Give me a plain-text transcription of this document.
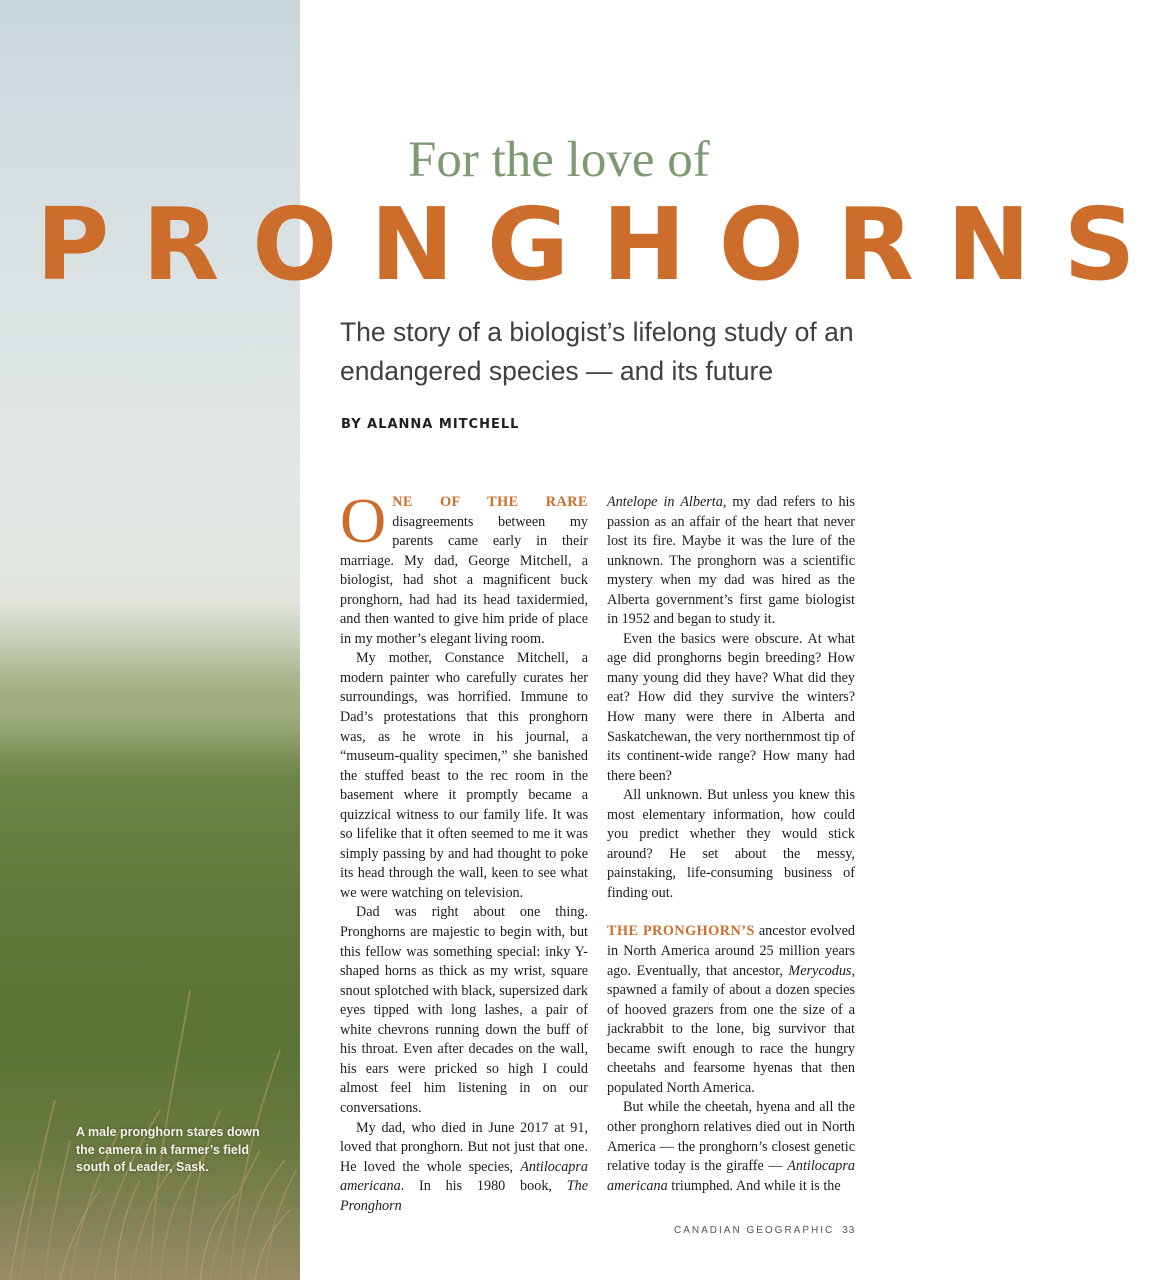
A male pronghorn stares down the camera in a farmer’s field south of Leader, Sask.
For the love of
PRONGHORNS
The story of a biologist’s lifelong study of an endangered species — and its future
BY ALANNA MITCHELL

ONE OF THE RARE disagreements between my parents came early in their marriage. My dad, George Mitchell, a biologist, had shot a magnificent buck pronghorn, had had its head taxidermied, and then wanted to give him pride of place in my mother’s elegant living room.

My mother, Constance Mitchell, a modern painter who carefully curates her surroundings, was horrified. Immune to Dad’s protestations that this pronghorn was, as he wrote in his journal, a “museum-quality specimen,” she banished the stuffed beast to the rec room in the basement where it promptly became a quizzical witness to our family life. It was so lifelike that it often seemed to me it was simply passing by and had thought to poke its head through the wall, keen to see what we were watching on television.

Dad was right about one thing. Pronghorns are majestic to begin with, but this fellow was something special: inky Y-shaped horns as thick as my wrist, square snout splotched with black, supersized dark eyes tipped with long lashes, a pair of white chevrons running down the buff of his throat. Even after decades on the wall, his ears were pricked so high I could almost feel him listening in on our conversations.

My dad, who died in June 2017 at 91, loved that pronghorn. But not just that one. He loved the whole species, Antilocapra americana. In his 1980 book, The Pronghorn

Antelope in Alberta, my dad refers to his passion as an affair of the heart that never lost its fire. Maybe it was the lure of the unknown. The pronghorn was a scientific mystery when my dad was hired as the Alberta government’s first game biologist in 1952 and began to study it.

Even the basics were obscure. At what age did pronghorns begin breeding? How many young did they have? What did they eat? How did they survive the winters? How many were there in Alberta and Saskatchewan, the very northernmost tip of its continent-wide range? How many had there been?

All unknown. But unless you knew this most elementary information, how could you predict whether they would stick around? He set about the messy, painstaking, life-consuming business of finding out.

THE PRONGHORN’S ancestor evolved in North America around 25 million years ago. Eventually, that ancestor, Merycodus, spawned a family of about a dozen species of hooved grazers from one the size of a jackrabbit to the lone, big survivor that became swift enough to race the hungry cheetahs and fearsome hyenas that then populated North America.

But while the cheetah, hyena and all the other pronghorn relatives died out in North America — the pronghorn’s closest genetic relative today is the giraffe — Antilocapra americana triumphed. And while it is the

CANADIAN GEOGRAPHIC 33
